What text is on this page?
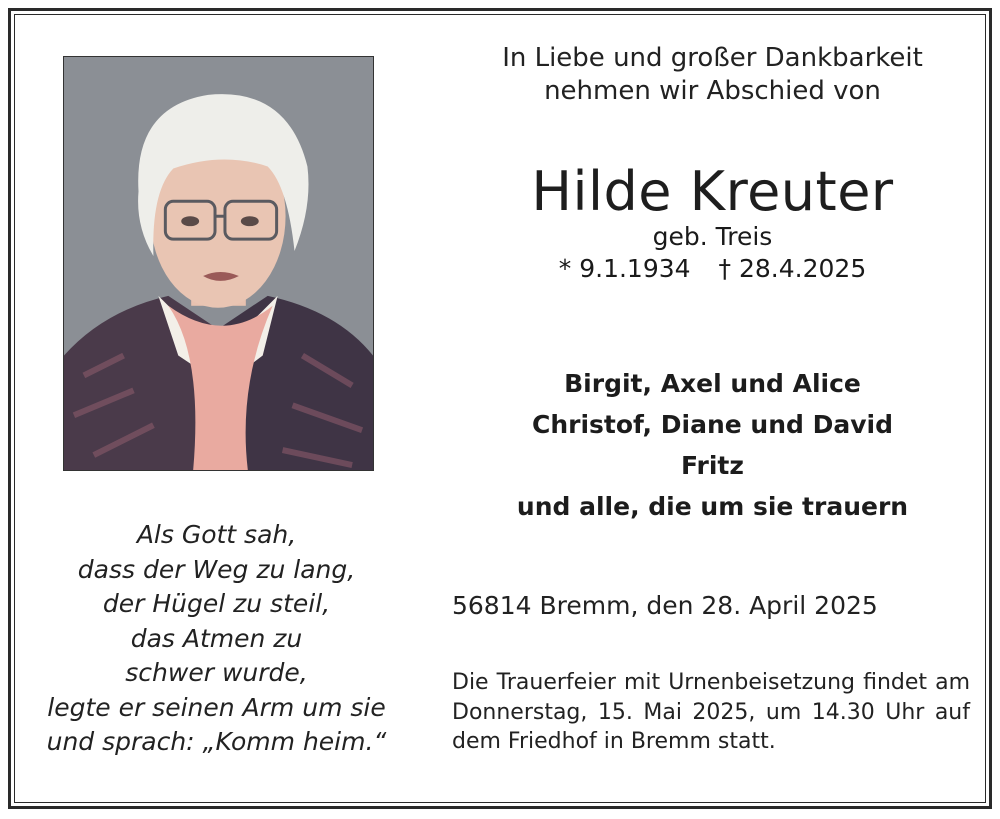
In Liebe und großer Dankbarkeit
nehmen wir Abschied von
Hilde Kreuter
geb. Treis
* 9.1.1934 † 28.4.2025
Birgit, Axel und Alice
Christof, Diane und David
Fritz
und alle, die um sie trauern
Als Gott sah,
dass der Weg zu lang,
der Hügel zu steil,
das Atmen zu
schwer wurde,
legte er seinen Arm um sie
und sprach: „Komm heim.“
56814 Bremm, den 28. April 2025
Die Trauerfeier mit Urnenbeisetzung findet am Donnerstag, 15. Mai 2025, um 14.30 Uhr auf dem Friedhof in Bremm statt.
